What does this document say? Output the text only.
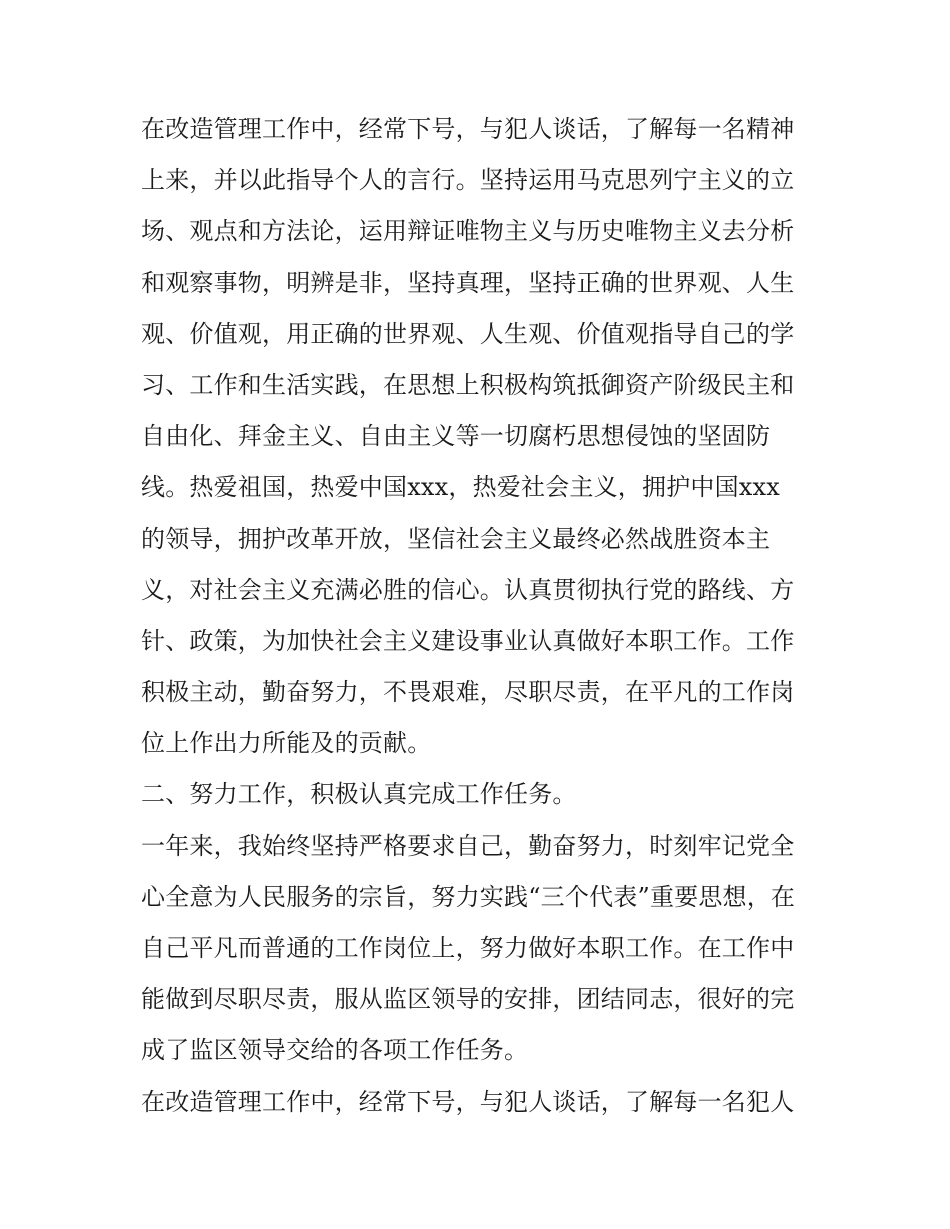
在改造管理工作中，经常下号，与犯人谈话，了解每一名精神
上来，并以此指导个人的言行。坚持运用马克思列宁主义的立
场、观点和方法论，运用辩证唯物主义与历史唯物主义去分析
和观察事物，明辨是非，坚持真理，坚持正确的世界观、人生
观、价值观，用正确的世界观、人生观、价值观指导自己的学
习、工作和生活实践，在思想上积极构筑抵御资产阶级民主和
自由化、拜金主义、自由主义等一切腐朽思想侵蚀的坚固防
线。热爱祖国，热爱中国xxx，热爱社会主义，拥护中国xxx
的领导，拥护改革开放，坚信社会主义最终必然战胜资本主
义，对社会主义充满必胜的信心。认真贯彻执行党的路线、方
针、政策，为加快社会主义建设事业认真做好本职工作。工作
积极主动，勤奋努力，不畏艰难，尽职尽责，在平凡的工作岗
位上作出力所能及的贡献。
二、努力工作，积极认真完成工作任务。
一年来，我始终坚持严格要求自己，勤奋努力，时刻牢记党全
心全意为人民服务的宗旨，努力实践“三个代表”重要思想，在
自己平凡而普通的工作岗位上，努力做好本职工作。在工作中
能做到尽职尽责，服从监区领导的安排，团结同志，很好的完
成了监区领导交给的各项工作任务。
在改造管理工作中，经常下号，与犯人谈话，了解每一名犯人
